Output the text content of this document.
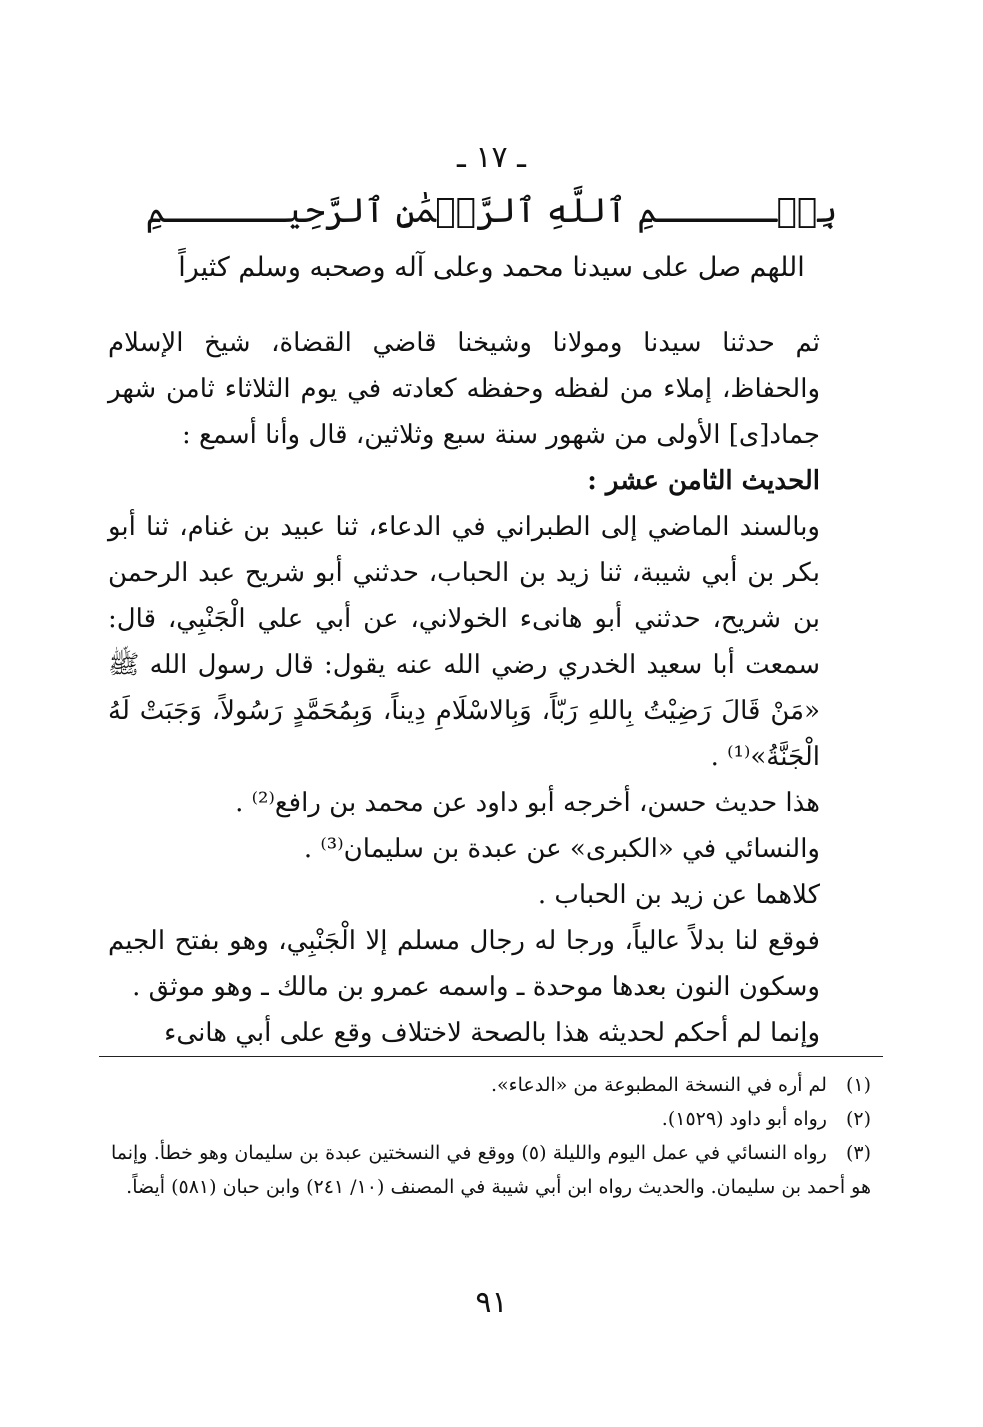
ـ ١٧ ـ
بِسۡــــــمِ ٱللَّهِ ٱلرَّحۡمَٰنِ ٱلرَّحِيــــــمِ
اللهم صل على سيدنا محمد وعلى آله وصحبه وسلم كثيراً

ثم حدثنا سيدنا ومولانا وشيخنا قاضي القضاة، شيخ الإسلام والحفاظ، إملاء من لفظه وحفظه كعادته في يوم الثلاثاء ثامن شهر جماد[ى] الأولى من شهور سنة سبع وثلاثين، قال وأنا أسمع :

الحديث الثامن عشر :

وبالسند الماضي إلى الطبراني في الدعاء، ثنا عبيد بن غنام، ثنا أبو بكر بن أبي شيبة، ثنا زيد بن الحباب، حدثني أبو شريح عبد الرحمن بن شريح، حدثني أبو هانىء الخولاني، عن أبي علي الْجَنْبِي، قال: سمعت أبا سعيد الخدري رضي الله عنه يقول: قال رسول الله ﷺ «مَنْ قَالَ رَضِيْتُ بِاللهِ رَبّاً، وَبِالاسْلَامِ دِيناً، وَبِمُحَمَّدٍ رَسُولاً، وَجَبَتْ لَهُ الْجَنَّةُ»⁽¹⁾ .

هذا حديث حسن، أخرجه أبو داود عن محمد بن رافع⁽²⁾ .

والنسائي في «الكبرى» عن عبدة بن سليمان⁽³⁾ .

كلاهما عن زيد بن الحباب .

فوقع لنا بدلاً عالياً، ورجا له رجال مسلم إلا الْجَنْبِي، وهو بفتح الجيم وسكون النون بعدها موحدة ـ واسمه عمرو بن مالك ـ وهو موثق .

وإنما لم أحكم لحديثه هذا بالصحة لاختلاف وقع على أبي هانىء

(١) لم أره في النسخة المطبوعة من «الدعاء».

(٢) رواه أبو داود (١٥٢٩).

(٣) رواه النسائي في عمل اليوم والليلة (٥) ووقع في النسختين عبدة بن سليمان وهو خطأ. وإنما هو أحمد بن سليمان. والحديث رواه ابن أبي شيبة في المصنف (١٠/ ٢٤١) وابن حبان (٥٨١) أيضاً.

٩١
